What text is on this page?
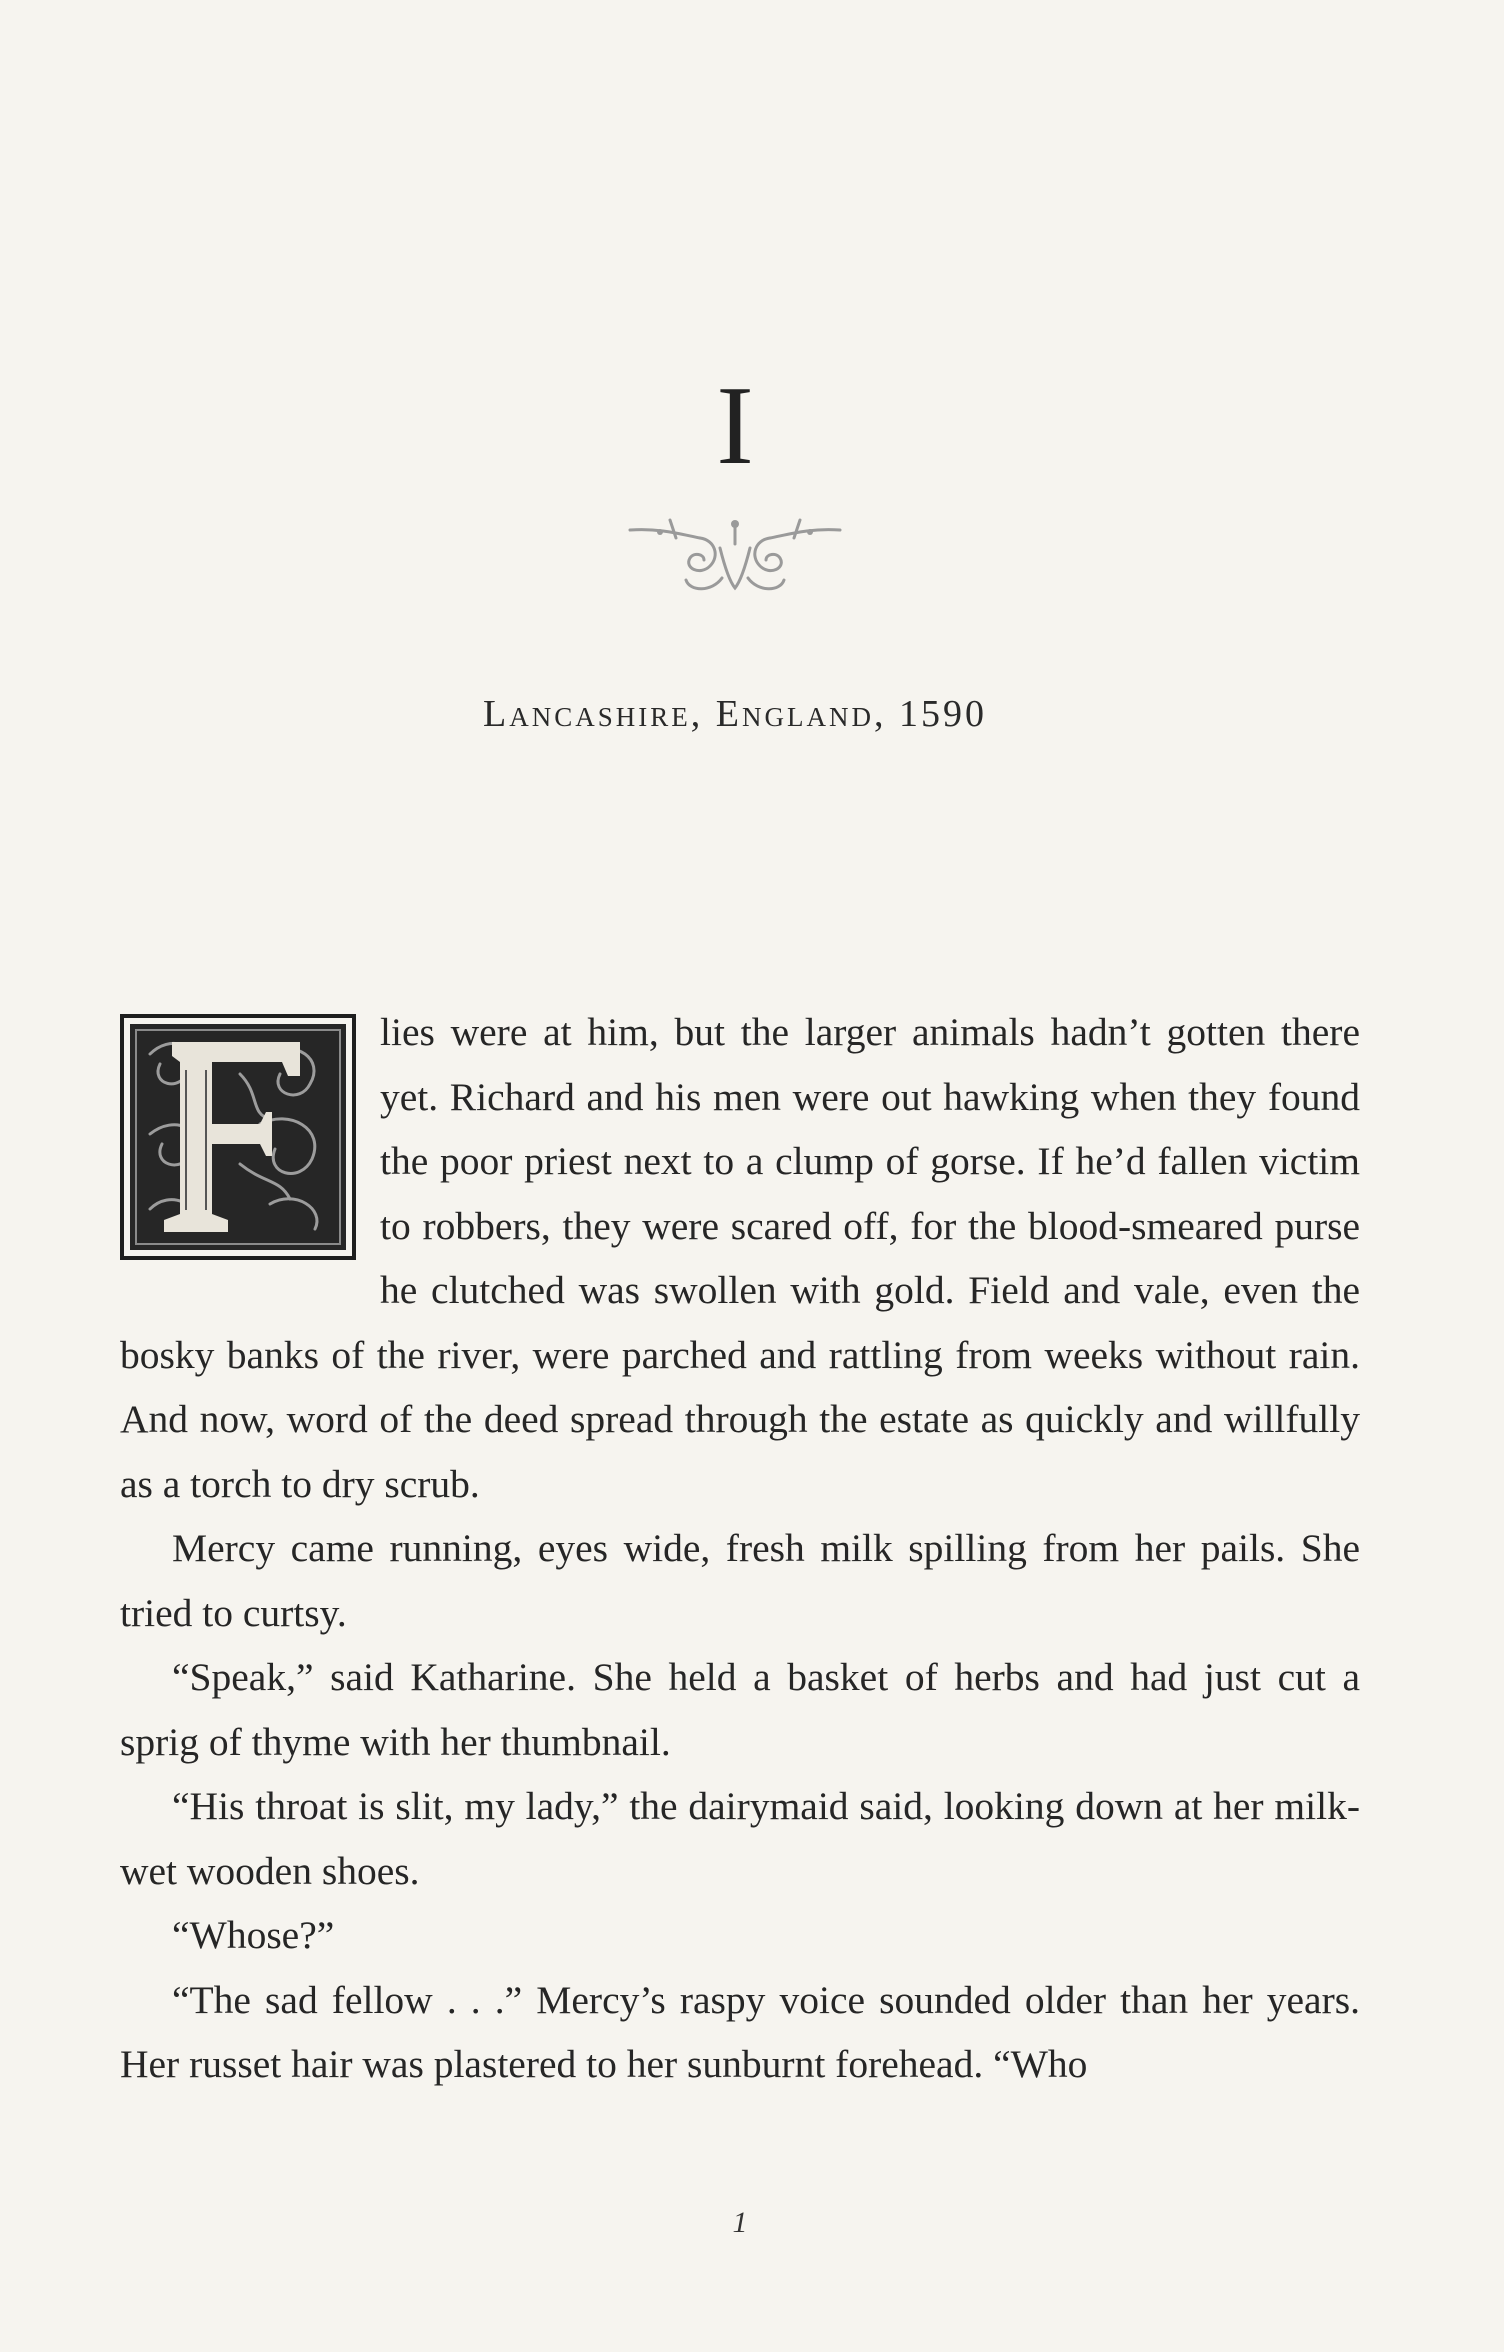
I
Lancashire, England, 1590

lies were at him, but the larger animals hadn’t gotten there yet. Richard and his men were out hawking when they found the poor priest next to a clump of gorse. If he’d fallen victim to robbers, they were scared off, for the blood-smeared purse he clutched was swollen with gold. Field and vale, even the bosky banks of the river, were parched and rattling from weeks without rain. And now, word of the deed spread through the estate as quickly and willfully as a torch to dry scrub.

Mercy came running, eyes wide, fresh milk spilling from her pails. She tried to curtsy.

“Speak,” said Katharine. She held a basket of herbs and had just cut a sprig of thyme with her thumbnail.

“His throat is slit, my lady,” the dairymaid said, looking down at her milk-wet wooden shoes.

“Whose?”

“The sad fellow . . .” Mercy’s raspy voice sounded older than her years. Her russet hair was plastered to her sunburnt forehead. “Who

1
